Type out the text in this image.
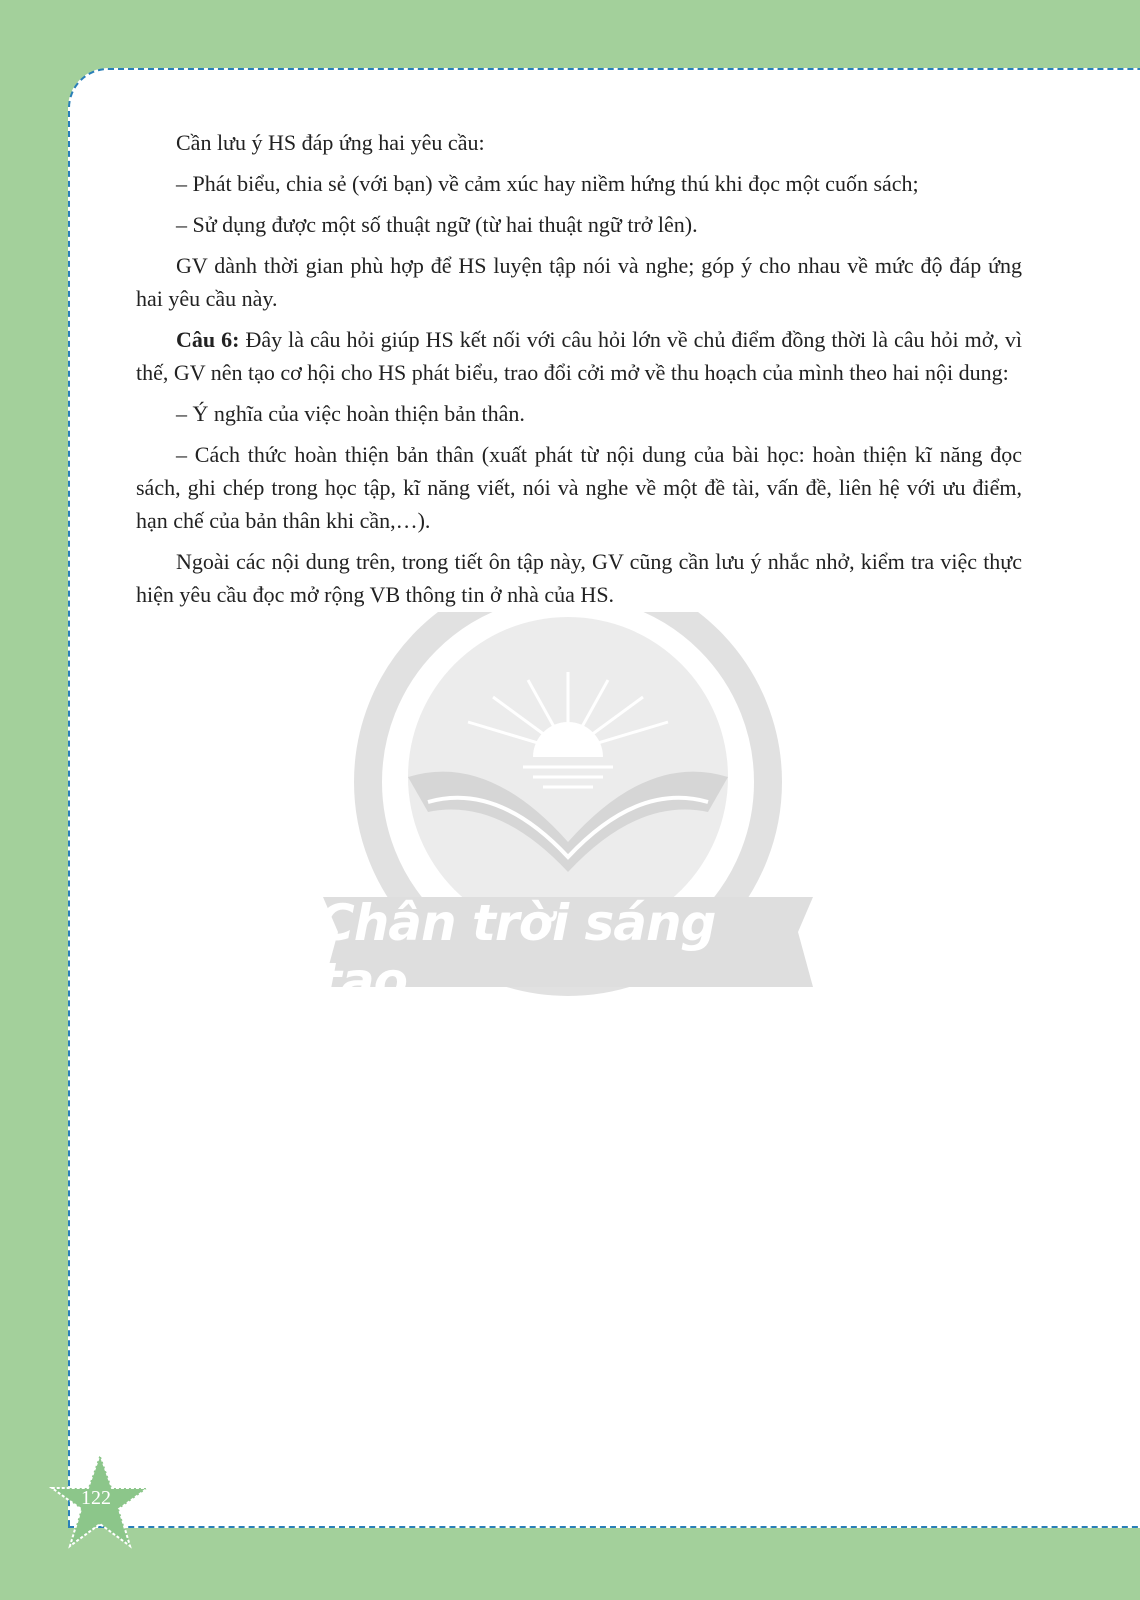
Chân trời sáng tạo

Cần lưu ý HS đáp ứng hai yêu cầu:

– Phát biểu, chia sẻ (với bạn) về cảm xúc hay niềm hứng thú khi đọc một cuốn sách;

– Sử dụng được một số thuật ngữ (từ hai thuật ngữ trở lên).

GV dành thời gian phù hợp để HS luyện tập nói và nghe; góp ý cho nhau về mức độ đáp ứng hai yêu cầu này.

Câu 6: Đây là câu hỏi giúp HS kết nối với câu hỏi lớn về chủ điểm đồng thời là câu hỏi mở, vì thế, GV nên tạo cơ hội cho HS phát biểu, trao đổi cởi mở về thu hoạch của mình theo hai nội dung:

– Ý nghĩa của việc hoàn thiện bản thân.

– Cách thức hoàn thiện bản thân (xuất phát từ nội dung của bài học: hoàn thiện kĩ năng đọc sách, ghi chép trong học tập, kĩ năng viết, nói và nghe về một đề tài, vấn đề, liên hệ với ưu điểm, hạn chế của bản thân khi cần,…).

Ngoài các nội dung trên, trong tiết ôn tập này, GV cũng cần lưu ý nhắc nhở, kiểm tra việc thực hiện yêu cầu đọc mở rộng VB thông tin ở nhà của HS.

122
